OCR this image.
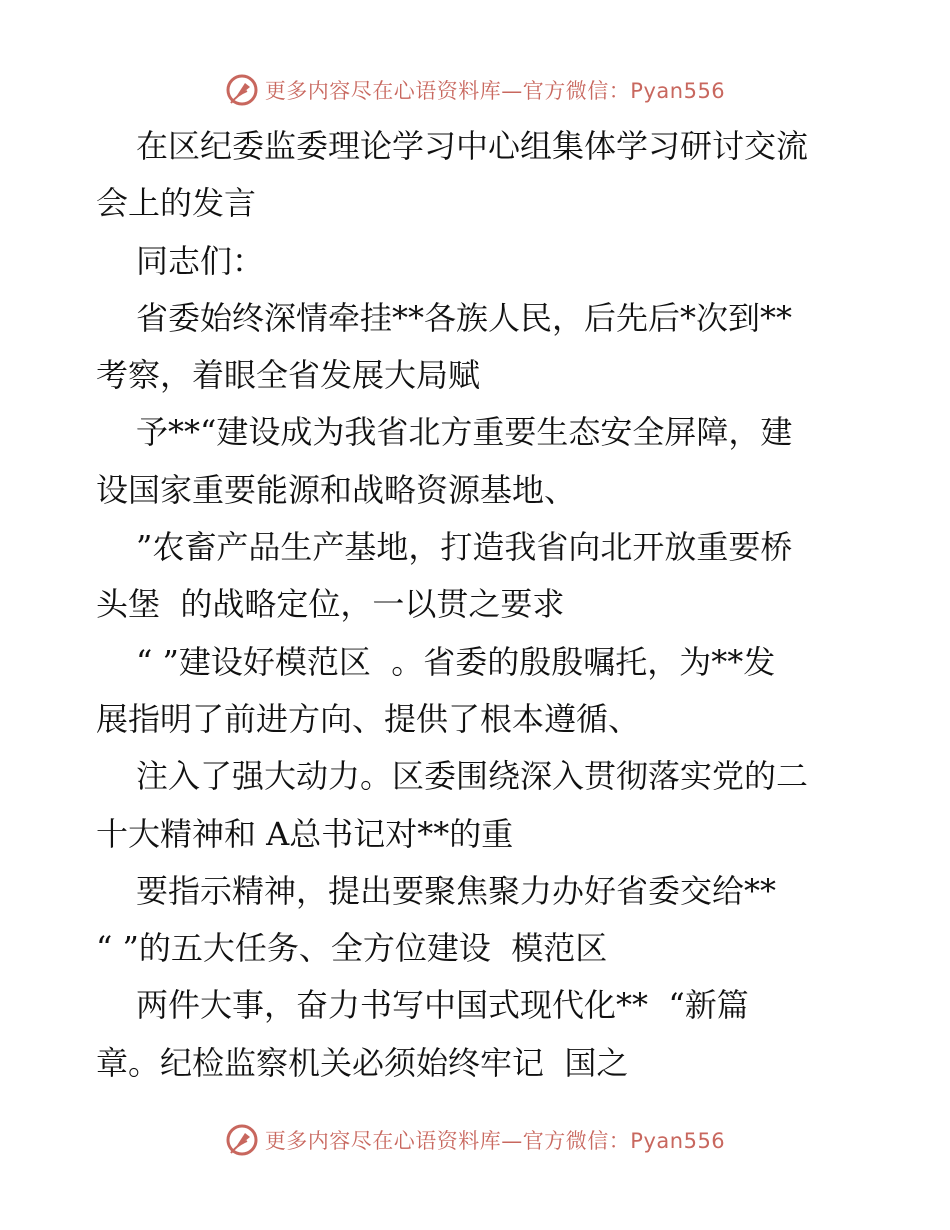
更多内容尽在心语资料库—官方微信：Pyan556
在区纪委监委理论学习中心组集体学习研讨交流
会上的发言
同志们：
省委始终深情牵挂**各族人民，后先后*次到**
考察，着眼全省发展大局赋
予**“建设成为我省北方重要生态安全屏障，建
设国家重要能源和战略资源基地、
”农畜产品生产基地，打造我省向北开放重要桥
头堡  的战略定位，一以贯之要求
“ ”建设好模范区  。省委的殷殷嘱托，为**发
展指明了前进方向、提供了根本遵循、
注入了强大动力。区委围绕深入贯彻落实党的二
十大精神和 A总书记对**的重
要指示精神，提出要聚焦聚力办好省委交给**
“ ”的五大任务、全方位建设  模范区
两件大事，奋力书写中国式现代化**  “新篇
章。纪检监察机关必须始终牢记  国之
更多内容尽在心语资料库—官方微信：Pyan556
